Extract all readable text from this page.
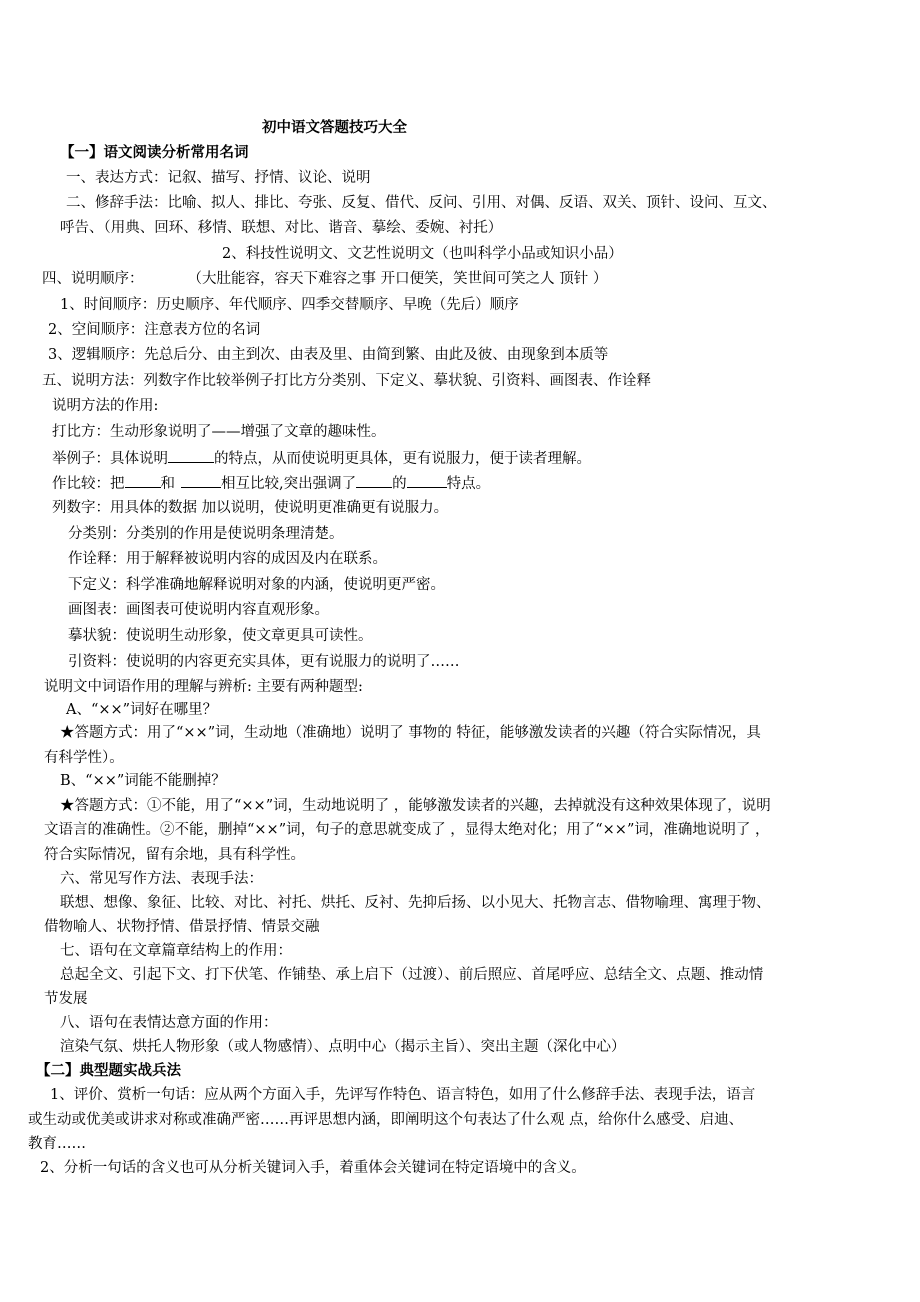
初中语文答题技巧大全
【一】语文阅读分析常用名词
一、表达方式：记叙、描写、抒情、议论、说明
二、修辞手法：比喻、拟人、排比、夸张、反复、借代、反问、引用、对偶、反语、双关、顶针、设问、互文、
呼告、（用典、回环、移情、联想、对比、谐音、摹绘、委婉、衬托）
2、科技性说明文、文艺性说明文（也叫科学小品或知识小品）
四、说明顺序：	（大肚能容，容天下难容之事 开口便笑，笑世间可笑之人 顶针 ）
1、时间顺序：历史顺序、年代顺序、四季交替顺序、早晚（先后）顺序
2、空间顺序：注意表方位的名词
3、逻辑顺序：先总后分、由主到次、由表及里、由简到繁、由此及彼、由现象到本质等
五、说明方法：列数字作比较举例子打比方分类别、下定义、摹状貌、引资料、画图表、作诠释
说明方法的作用:
打比方：生动形象说明了——增强了文章的趣味性。
举例子：具体说明	的特点，从而使说明更具体，更有说服力，便于读者理解。
作比较：把 和	相互比较,突出强调了 的	特点。
列数字：用具体的数据 加以说明，使说明更准确更有说服力。
分类别：分类别的作用是使说明条理清楚。
作诠释：用于解释被说明内容的成因及内在联系。
下定义：科学准确地解释说明对象的内涵，使说明更严密。
画图表：画图表可使说明内容直观形象。
摹状貌：使说明生动形象，使文章更具可读性。
引资料：使说明的内容更充实具体，更有说服力的说明了……
说明文中词语作用的理解与辨析: 主要有两种题型:
A、“××”词好在哪里？
★答题方式：用了“××”词，生动地（准确地）说明了 事物的 特征，能够激发读者的兴趣（符合实际情况，具
有科学性）。
B、“××”词能不能删掉？
★答题方式：①不能，用了“××”词，生动地说明了 ，能够激发读者的兴趣，去掉就没有这种效果体现了，说明
文语言的准确性。②不能，删掉“××”词，句子的意思就变成了 ，显得太绝对化；用了“××”词，准确地说明了 ，
符合实际情况，留有余地，具有科学性。
六、常见写作方法、表现手法：
联想、想像、象征、比较、对比、衬托、烘托、反衬、先抑后扬、以小见大、托物言志、借物喻理、寓理于物、
借物喻人、状物抒情、借景抒情、情景交融
七、语句在文章篇章结构上的作用：
总起全文、引起下文、打下伏笔、作铺垫、承上启下（过渡）、前后照应、首尾呼应、总结全文、点题、推动情
节发展
八、语句在表情达意方面的作用：
渲染气氛、烘托人物形象（或人物感情）、点明中心（揭示主旨）、突出主题（深化中心）
【二】典型题实战兵法
1、评价、赏析一句话：应从两个方面入手，先评写作特色、语言特色，如用了什么修辞手法、表现手法，语言
或生动或优美或讲求对称或准确严密……再评思想内涵，即阐明这个句表达了什么观 点，给你什么感受、启迪、
教育……
2、分析一句话的含义也可从分析关键词入手，着重体会关键词在特定语境中的含义。
